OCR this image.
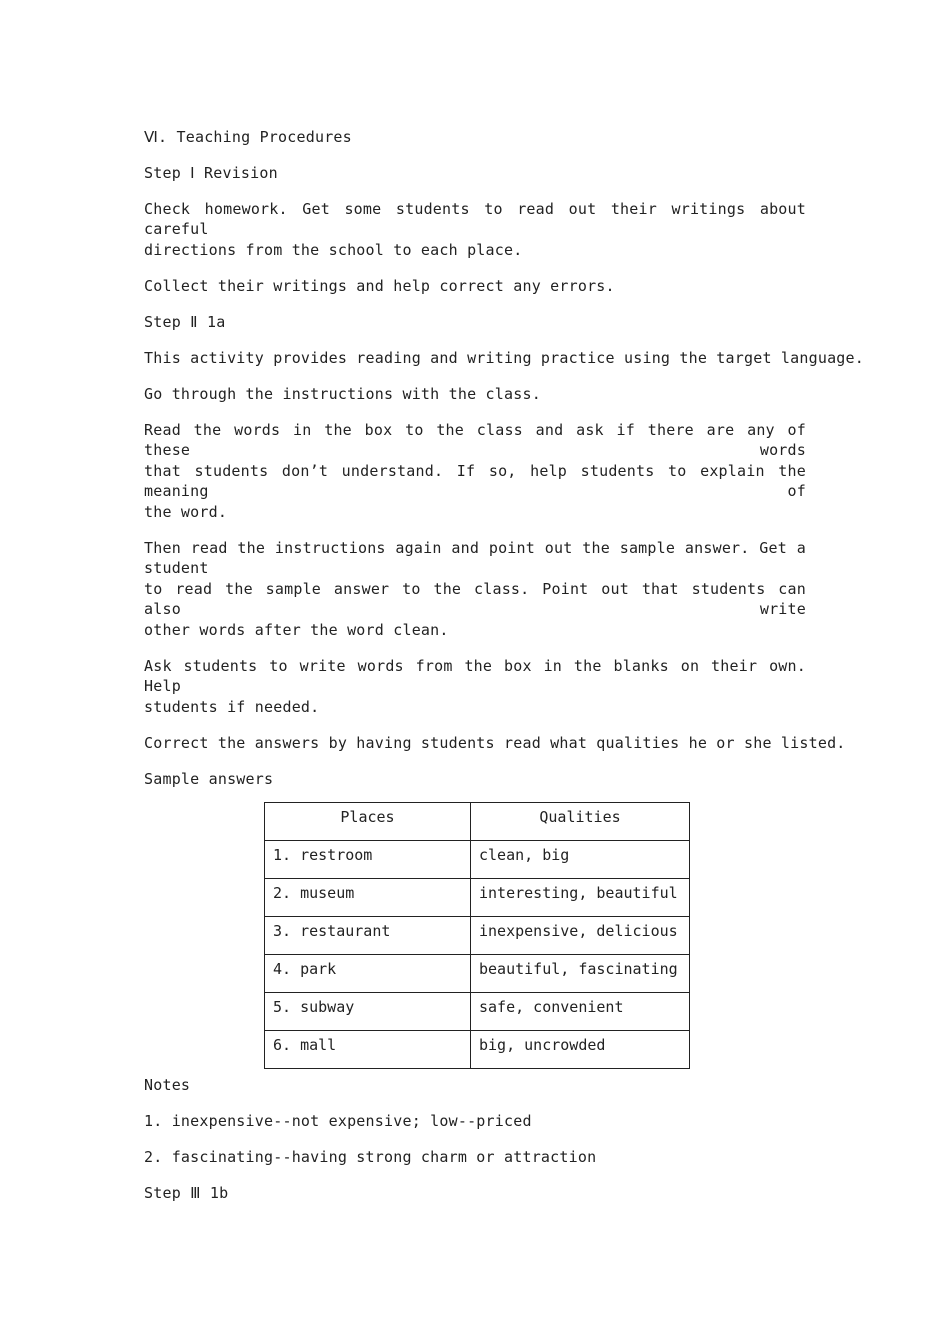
Ⅵ. Teaching Procedures
Step Ⅰ Revision
Check homework. Get some students to read out their writings about careful
directions from the school to each place.
Collect their writings and help correct any errors.
Step Ⅱ 1a
This activity provides reading and writing practice using the target language.
Go through the instructions with the class.
Read the words in the box to the class and ask if there are any of these words
that students don’t understand. If so, help students to explain the meaning of
the word.
Then read the instructions again and point out the sample answer. Get a student
to read the sample answer to the class. Point out that students can also write
other words after the word clean.
Ask students to write words from the box in the blanks on their own. Help
students if needed.
Correct the answers by having students read what qualities he or she listed.
Sample answers
Places	Qualities
1. restroom	clean, big
2. museum	interesting, beautiful
3. restaurant	inexpensive, delicious
4. park	beautiful, fascinating
5. subway	safe, convenient
6. mall	big, uncrowded
Notes
1. inexpensive--not expensive; low--priced
2. fascinating--having strong charm or attraction
Step Ⅲ 1b
